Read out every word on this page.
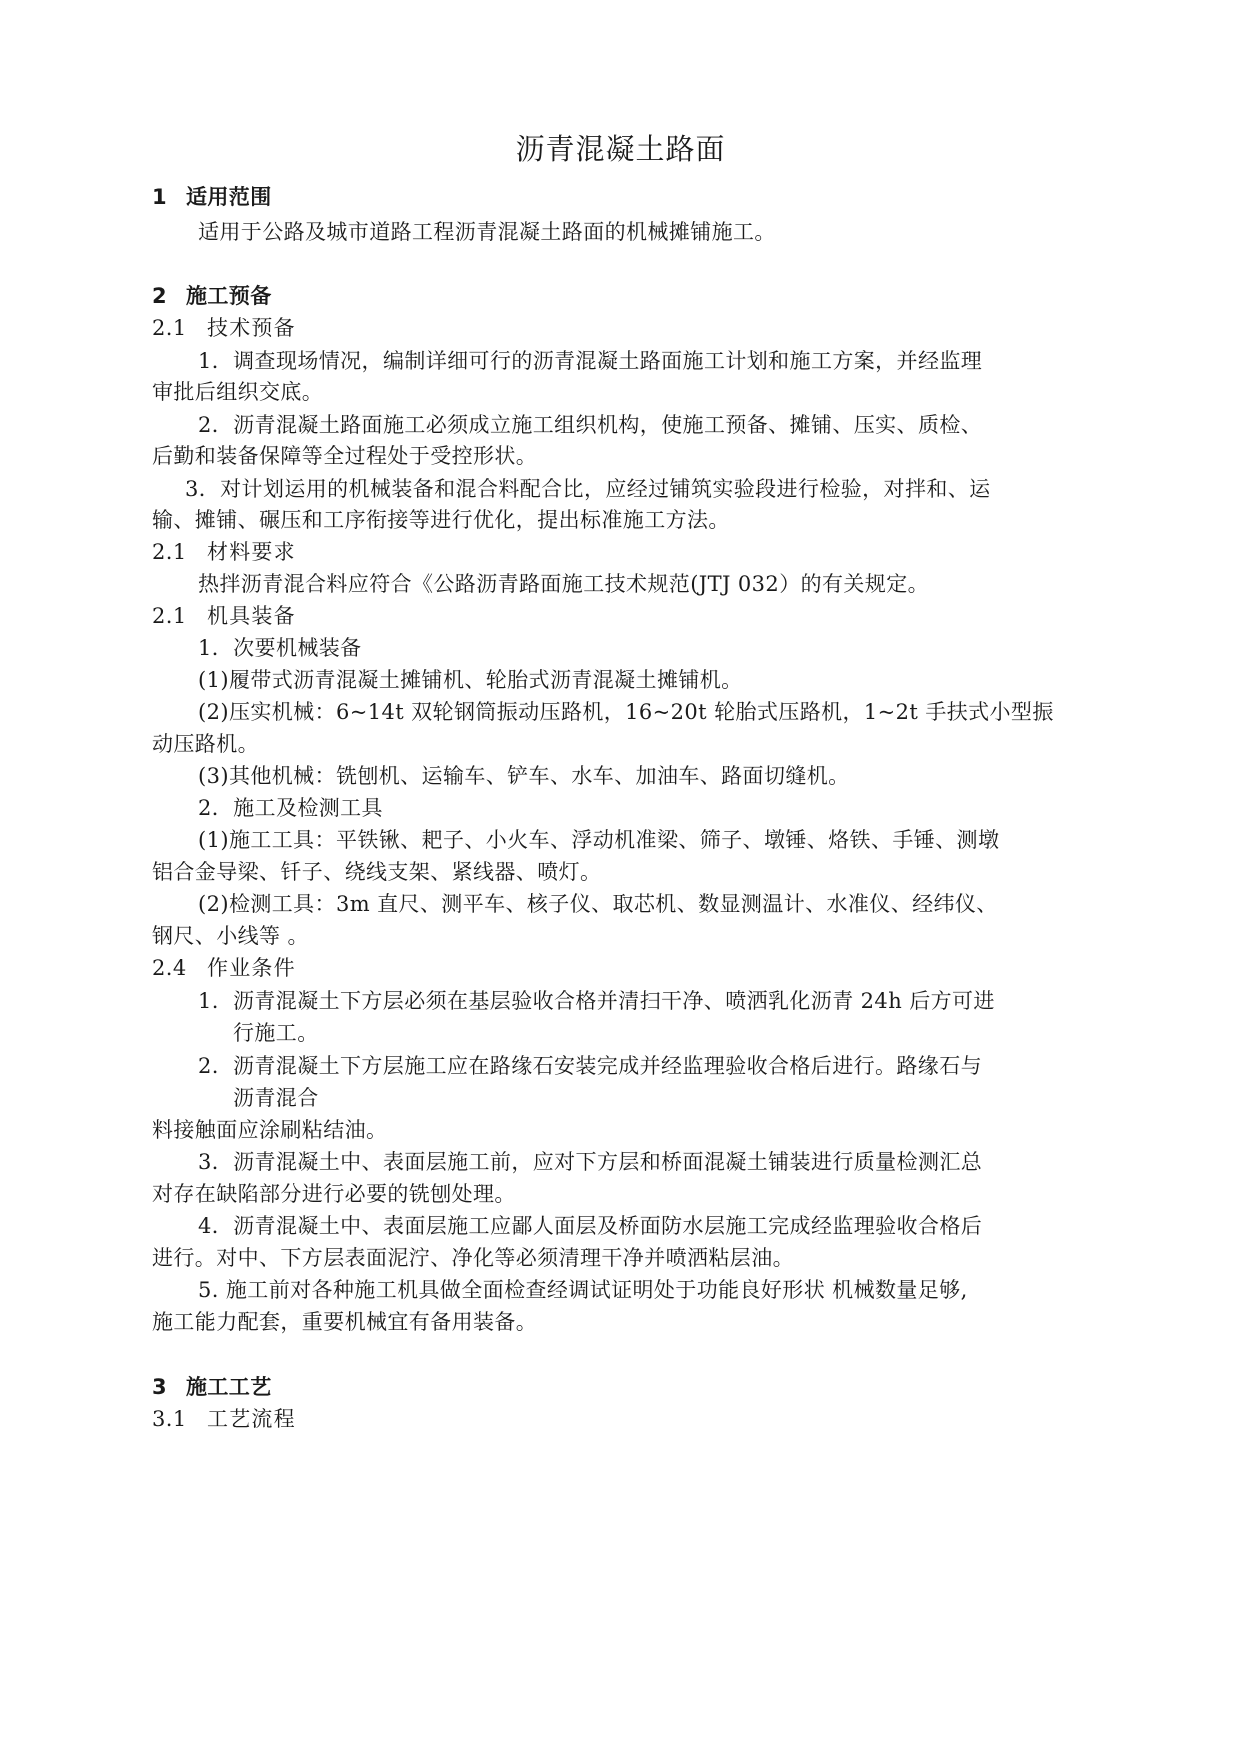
沥青混凝土路面
1 适用范围
适用于公路及城市道路工程沥青混凝土路面的机械摊铺施工。
2 施工预备
2.1 技术预备
1．调查现场情况，编制详细可行的沥青混凝土路面施工计划和施工方案，并经监理
审批后组织交底。
2．沥青混凝土路面施工必须成立施工组织机构，使施工预备、摊铺、压实、质检、
后勤和装备保障等全过程处于受控形状。
3．对计划运用的机械装备和混合料配合比，应经过铺筑实验段进行检验，对拌和、运
输、摊铺、碾压和工序衔接等进行优化，提出标准施工方法。
2.1 材料要求
热拌沥青混合料应符合《公路沥青路面施工技术规范(JTJ 032）的有关规定。
2.1 机具装备
1．次要机械装备
(1)履带式沥青混凝土摊铺机、轮胎式沥青混凝土摊铺机。
(2)压实机械：6~14t 双轮钢筒振动压路机，16~20t 轮胎式压路机，1~2t 手扶式小型振
动压路机。
(3)其他机械：铣刨机、运输车、铲车、水车、加油车、路面切缝机。
2．施工及检测工具
(1)施工工具：平铁锹、耙子、小火车、浮动机准梁、筛子、墩锤、烙铁、手锤、测墩
铝合金导梁、钎子、绕线支架、紧线器、喷灯。
(2)检测工具：3m 直尺、测平车、核子仪、取芯机、数显测温计、水准仪、经纬仪、
钢尺、小线等 。
2.4 作业条件
1. 沥青混凝土下方层必须在基层验收合格并清扫干净、喷洒乳化沥青 24h 后方可进
行施工。
2. 沥青混凝土下方层施工应在路缘石安装完成并经监理验收合格后进行。路缘石与
沥青混合
料接触面应涂刷粘结油。
3．沥青混凝土中、表面层施工前，应对下方层和桥面混凝土铺装进行质量检测汇总
对存在缺陷部分进行必要的铣刨处理。
4．沥青混凝土中、表面层施工应鄙人面层及桥面防水层施工完成经监理验收合格后
进行。对中、下方层表面泥泞、净化等必须清理干净并喷洒粘层油。
5. 施工前对各种施工机具做全面检查经调试证明处于功能良好形状 机械数量足够,
施工能力配套，重要机械宜有备用装备。
3 施工工艺
3.1 工艺流程
